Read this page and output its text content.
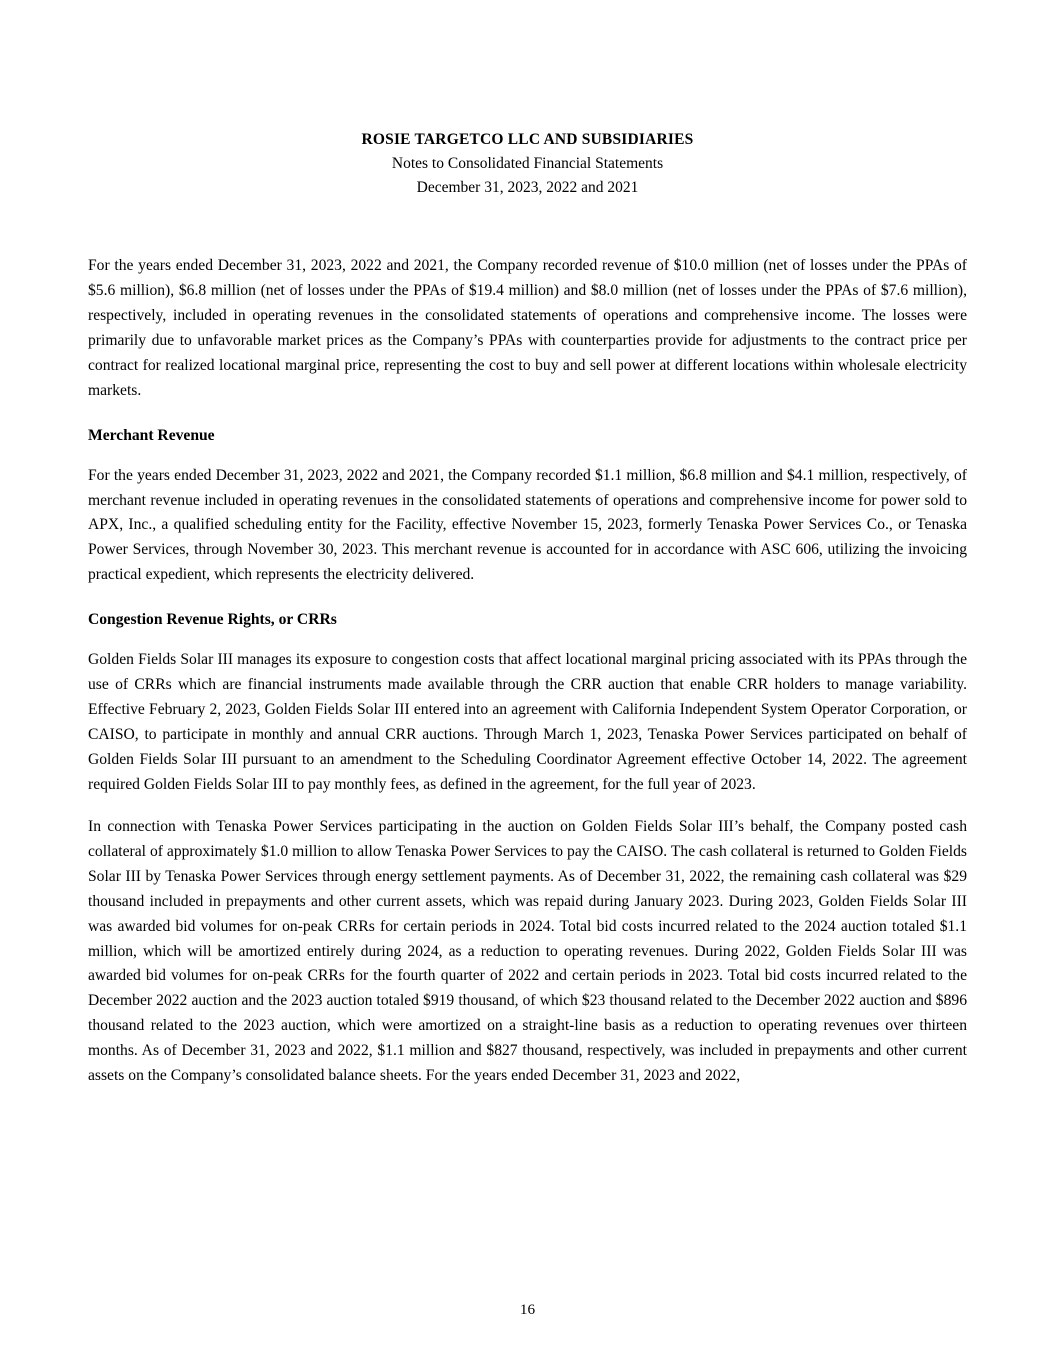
ROSIE TARGETCO LLC AND SUBSIDIARIES
Notes to Consolidated Financial Statements
December 31, 2023, 2022 and 2021

For the years ended December 31, 2023, 2022 and 2021, the Company recorded revenue of $10.0 million (net of losses under the PPAs of $5.6 million), $6.8 million (net of losses under the PPAs of $19.4 million) and $8.0 million (net of losses under the PPAs of $7.6 million), respectively, included in operating revenues in the consolidated statements of operations and comprehensive income. The losses were primarily due to unfavorable market prices as the Company’s PPAs with counterparties provide for adjustments to the contract price per contract for realized locational marginal price, representing the cost to buy and sell power at different locations within wholesale electricity markets.

Merchant Revenue

For the years ended December 31, 2023, 2022 and 2021, the Company recorded $1.1 million, $6.8 million and $4.1 million, respectively, of merchant revenue included in operating revenues in the consolidated statements of operations and comprehensive income for power sold to APX, Inc., a qualified scheduling entity for the Facility, effective November 15, 2023, formerly Tenaska Power Services Co., or Tenaska Power Services, through November 30, 2023. This merchant revenue is accounted for in accordance with ASC 606, utilizing the invoicing practical expedient, which represents the electricity delivered.

Congestion Revenue Rights, or CRRs

Golden Fields Solar III manages its exposure to congestion costs that affect locational marginal pricing associated with its PPAs through the use of CRRs which are financial instruments made available through the CRR auction that enable CRR holders to manage variability. Effective February 2, 2023, Golden Fields Solar III entered into an agreement with California Independent System Operator Corporation, or CAISO, to participate in monthly and annual CRR auctions. Through March 1, 2023, Tenaska Power Services participated on behalf of Golden Fields Solar III pursuant to an amendment to the Scheduling Coordinator Agreement effective October 14, 2022. The agreement required Golden Fields Solar III to pay monthly fees, as defined in the agreement, for the full year of 2023.

In connection with Tenaska Power Services participating in the auction on Golden Fields Solar III’s behalf, the Company posted cash collateral of approximately $1.0 million to allow Tenaska Power Services to pay the CAISO. The cash collateral is returned to Golden Fields Solar III by Tenaska Power Services through energy settlement payments. As of December 31, 2022, the remaining cash collateral was $29 thousand included in prepayments and other current assets, which was repaid during January 2023. During 2023, Golden Fields Solar III was awarded bid volumes for on-peak CRRs for certain periods in 2024. Total bid costs incurred related to the 2024 auction totaled $1.1 million, which will be amortized entirely during 2024, as a reduction to operating revenues. During 2022, Golden Fields Solar III was awarded bid volumes for on-peak CRRs for the fourth quarter of 2022 and certain periods in 2023. Total bid costs incurred related to the December 2022 auction and the 2023 auction totaled $919 thousand, of which $23 thousand related to the December 2022 auction and $896 thousand related to the 2023 auction, which were amortized on a straight-line basis as a reduction to operating revenues over thirteen months. As of December 31, 2023 and 2022, $1.1 million and $827 thousand, respectively, was included in prepayments and other current assets on the Company’s consolidated balance sheets. For the years ended December 31, 2023 and 2022,

16
